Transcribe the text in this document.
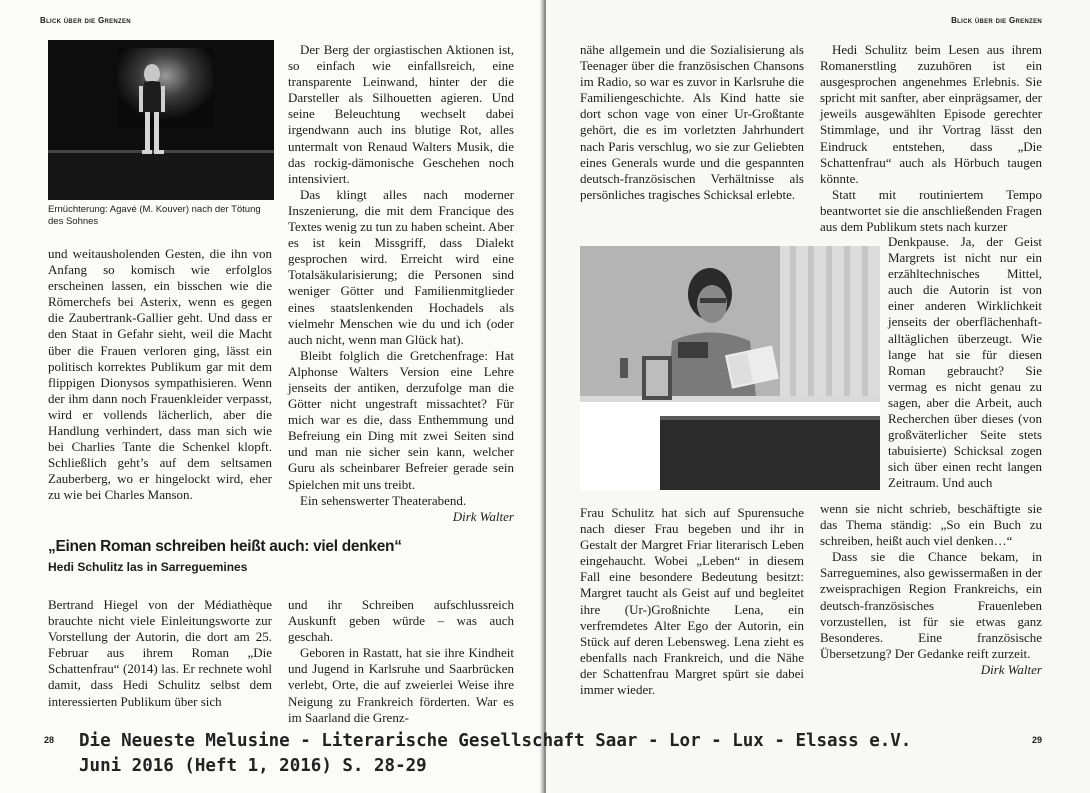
Blick über die Grenzen
Ernüchterung: Agavé (M. Kouver) nach der Tötung des Sohnes

und weitausholenden Gesten, die ihn von Anfang so komisch wie erfolglos erscheinen lassen, ein bisschen wie die Römerchefs bei Asterix, wenn es gegen die Zaubertrank-Gallier geht. Und dass er den Staat in Gefahr sieht, weil die Macht über die Frauen verloren ging, lässt ein politisch korrektes Publikum gar mit dem flippigen Dionysos sympathisieren. Wenn der ihm dann noch Frauenkleider verpasst, wird er vollends lächerlich, aber die Handlung verhindert, dass man sich wie bei Charlies Tante die Schenkel klopft. Schließlich geht’s auf dem seltsamen Zauberberg, wo er hingelockt wird, eher zu wie bei Charles Manson.

Der Berg der orgiastischen Aktionen ist, so einfach wie einfallsreich, eine transparente Leinwand, hinter der die Darsteller als Silhouetten agieren. Und seine Beleuchtung wechselt dabei irgendwann auch ins blutige Rot, alles untermalt von Renaud Walters Musik, die das rockig-dämonische Geschehen noch intensiviert.

Das klingt alles nach moderner Inszenierung, die mit dem Francique des Textes wenig zu tun zu haben scheint. Aber es ist kein Missgriff, dass Dialekt gesprochen wird. Erreicht wird eine Totalsäkularisierung; die Personen sind weniger Götter und Familienmitglieder eines staatslenkenden Hochadels als vielmehr Menschen wie du und ich (oder auch nicht, wenn man Glück hat).

Bleibt folglich die Gretchenfrage: Hat Alphonse Walters Version eine Lehre jenseits der antiken, derzufolge man die Götter nicht ungestraft missachtet? Für mich war es die, dass Enthemmung und Befreiung ein Ding mit zwei Seiten sind und man nie sicher sein kann, welcher Guru als scheinbarer Befreier gerade sein Spielchen mit uns treibt.

Ein sehenswerter Theaterabend.

Dirk Walter

„Einen Roman schreiben heißt auch: viel denken“
Hedi Schulitz las in Sarreguemines

Bertrand Hiegel von der Médiathèque brauchte nicht viele Einleitungsworte zur Vorstellung der Autorin, die dort am 25. Februar aus ihrem Roman „Die Schattenfrau“ (2014) las. Er rechnete wohl damit, dass Hedi Schulitz selbst dem interessierten Publikum über sich

und ihr Schreiben aufschlussreich Auskunft geben würde – was auch geschah.

Geboren in Rastatt, hat sie ihre Kindheit und Jugend in Karlsruhe und Saarbrücken verlebt, Orte, die auf zweierlei Weise ihre Neigung zu Frankreich förderten. War es im Saarland die Grenz-

28
Blick über die Grenzen

nähe allgemein und die Sozialisierung als Teenager über die französischen Chansons im Radio, so war es zuvor in Karlsruhe die Familiengeschichte. Als Kind hatte sie dort schon vage von einer Ur-Großtante gehört, die es im vorletzten Jahrhundert nach Paris verschlug, wo sie zur Geliebten eines Generals wurde und die gespannten deutsch-französischen Verhältnisse als persönliches tragisches Schicksal erlebte.

Frau Schulitz hat sich auf Spurensuche nach dieser Frau begeben und ihr in Gestalt der Margret Friar literarisch Leben eingehaucht. Wobei „Leben“ in diesem Fall eine besondere Bedeutung besitzt: Margret taucht als Geist auf und begleitet ihre (Ur-)Großnichte Lena, ein verfremdetes Alter Ego der Autorin, ein Stück auf deren Lebensweg. Lena zieht es ebenfalls nach Frankreich, und die Nähe der Schattenfrau Margret spürt sie dabei immer wieder.

Hedi Schulitz beim Lesen aus ihrem Romanerstling zuzuhören ist ein ausgesprochen angenehmes Erlebnis. Sie spricht mit sanfter, aber einprägsamer, der jeweils ausgewählten Episode gerechter Stimmlage, und ihr Vortrag lässt den Eindruck entstehen, dass „Die Schattenfrau“ auch als Hörbuch taugen könnte.

Statt mit routiniertem Tempo beantwortet sie die anschließenden Fragen aus dem Publikum stets nach kurzer

Denkpause. Ja, der Geist Margrets ist nicht nur ein erzähltechnisches Mittel, auch die Autorin ist von einer anderen Wirklichkeit jenseits der oberflächenhaft-alltäglichen überzeugt. Wie lange hat sie für diesen Roman gebraucht? Sie vermag es nicht genau zu sagen, aber die Arbeit, auch Recherchen über dieses (von großväterlicher Seite stets tabuisierte) Schicksal zogen sich über einen recht langen Zeitraum. Und auch

wenn sie nicht schrieb, beschäftigte sie das Thema ständig: „So ein Buch zu schreiben, heißt auch viel denken…“

Dass sie die Chance bekam, in Sarreguemines, also gewissermaßen in der zweisprachigen Region Frankreichs, ein deutsch-französisches Frauenleben vorzustellen, ist für sie etwas ganz Besonderes. Eine französische Übersetzung? Der Gedanke reift zurzeit.

Dirk Walter

29
Die Neueste Melusine - Literarische Gesellschaft Saar - Lor - Lux - Elsass e.V.
Juni 2016 (Heft 1, 2016) S. 28-29
